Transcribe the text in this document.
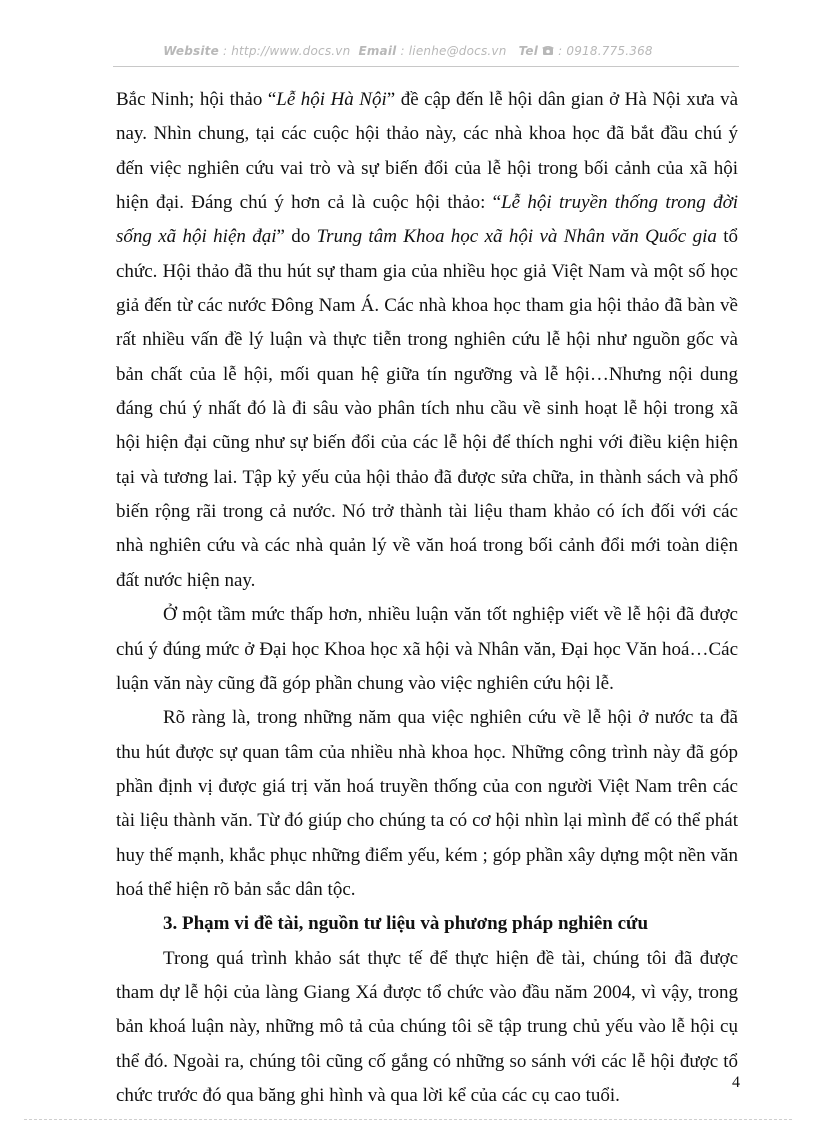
Website : http://www.docs.vn Email : lienhe@docs.vn Tel : 0918.775.368

Bắc Ninh; hội thảo “Lễ hội Hà Nội” đề cập đến lễ hội dân gian ở Hà Nội xưa và nay. Nhìn chung, tại các cuộc hội thảo này, các nhà khoa học đã bắt đầu chú ý đến việc nghiên cứu vai trò và sự biến đổi của lễ hội trong bối cảnh của xã hội hiện đại. Đáng chú ý hơn cả là cuộc hội thảo: “Lễ hội truyền thống trong đời sống xã hội hiện đại” do Trung tâm Khoa học xã hội và Nhân văn Quốc gia tổ chức. Hội thảo đã thu hút sự tham gia của nhiều học giả Việt Nam và một số học giả đến từ các nước Đông Nam Á. Các nhà khoa học tham gia hội thảo đã bàn về rất nhiều vấn đề lý luận và thực tiễn trong nghiên cứu lễ hội như nguồn gốc và bản chất của lễ hội, mối quan hệ giữa tín ngưỡng và lễ hội…Nhưng nội dung đáng chú ý nhất đó là đi sâu vào phân tích nhu cầu về sinh hoạt lễ hội trong xã hội hiện đại cũng như sự biến đổi của các lễ hội để thích nghi với điều kiện hiện tại và tương lai. Tập kỷ yếu của hội thảo đã được sửa chữa, in thành sách và phổ biến rộng rãi trong cả nước. Nó trở thành tài liệu tham khảo có ích đối với các nhà nghiên cứu và các nhà quản lý về văn hoá trong bối cảnh đổi mới toàn diện đất nước hiện nay.

Ở một tầm mức thấp hơn, nhiều luận văn tốt nghiệp viết về lễ hội đã được chú ý đúng mức ở Đại học Khoa học xã hội và Nhân văn, Đại học Văn hoá…Các luận văn này cũng đã góp phần chung vào việc nghiên cứu hội lễ.

Rõ ràng là, trong những năm qua việc nghiên cứu về lễ hội ở nước ta đã thu hút được sự quan tâm của nhiều nhà khoa học. Những công trình này đã góp phần định vị được giá trị văn hoá truyền thống của con người Việt Nam trên các tài liệu thành văn. Từ đó giúp cho chúng ta có cơ hội nhìn lại mình để có thể phát huy thế mạnh, khắc phục những điểm yếu, kém ; góp phần xây dựng một nền văn hoá thể hiện rõ bản sắc dân tộc.

3. Phạm vi đề tài, nguồn tư liệu và phương pháp nghiên cứu

Trong quá trình khảo sát thực tế để thực hiện đề tài, chúng tôi đã được tham dự lễ hội của làng Giang Xá được tổ chức vào đầu năm 2004, vì vậy, trong bản khoá luận này, những mô tả của chúng tôi sẽ tập trung chủ yếu vào lễ hội cụ thể đó. Ngoài ra, chúng tôi cũng cố gắng có những so sánh với các lễ hội được tổ chức trước đó qua băng ghi hình và qua lời kể của các cụ cao tuổi.

4
